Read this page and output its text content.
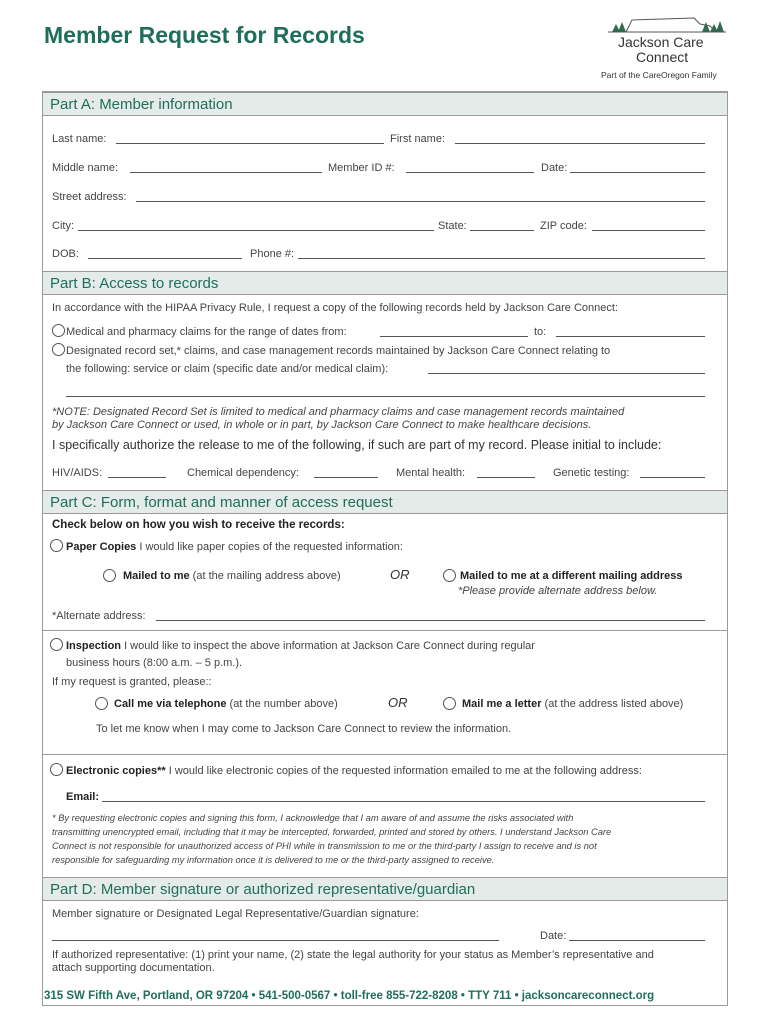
Member Request for Records	Jackson Care
Connect
Part of the CareOregon Family
Part A: Member information
Last name:	First name:
Middle name:	Member ID #:	Date:
Street address:
City:	State:	ZIP code:
DOB:	Phone #:
Part B: Access to records
In accordance with the HIPAA Privacy Rule, I request a copy of the following records held by Jackson Care Connect:
Medical and pharmacy claims for the range of dates from:	to:
Designated record set,* claims, and case management records maintained by Jackson Care Connect relating to
the following: service or claim (specific date and/or medical claim):
*NOTE: Designated Record Set is limited to medical and pharmacy claims and case management records maintained
by Jackson Care Connect or used, in whole or in part, by Jackson Care Connect to make healthcare decisions.
I specifically authorize the release to me of the following, if such are part of my record. Please initial to include:
HIV/AIDS:	Chemical dependency:	Mental health:	Genetic testing:
Part C: Form, format and manner of access request
Check below on how you wish to receive the records:
Paper Copies I would like paper copies of the requested information:
Mailed to me (at the mailing address above)	OR	Mailed to me at a different mailing address
*Please provide alternate address below.
*Alternate address:
Inspection I would like to inspect the above information at Jackson Care Connect during regular
business hours (8:00 a.m. – 5 p.m.).
If my request is granted, please::
Call me via telephone (at the number above)	OR	Mail me a letter (at the address listed above)
To let me know when I may come to Jackson Care Connect to review the information.
Electronic copies** I would like electronic copies of the requested information emailed to me at the following address:
Email:
* By requesting electronic copies and signing this form, I acknowledge that I am aware of and assume the risks associated with
transmitting unencrypted email, including that it may be intercepted, forwarded, printed and stored by others. I understand Jackson Care
Connect is not responsible for unauthorized access of PHI while in transmission to me or the third-party I assign to receive and is not
responsible for safeguarding my information once it is delivered to me or the third-party assigned to receive.
Part D: Member signature or authorized representative/guardian
Member signature or Designated Legal Representative/Guardian signature:
Date:
If authorized representative: (1) print your name, (2) state the legal authority for your status as Member’s representative and
attach supporting documentation.
315 SW Fifth Ave, Portland, OR 97204 • 541-500-0567 • toll-free 855-722-8208 • TTY 711 • jacksoncareconnect.org
